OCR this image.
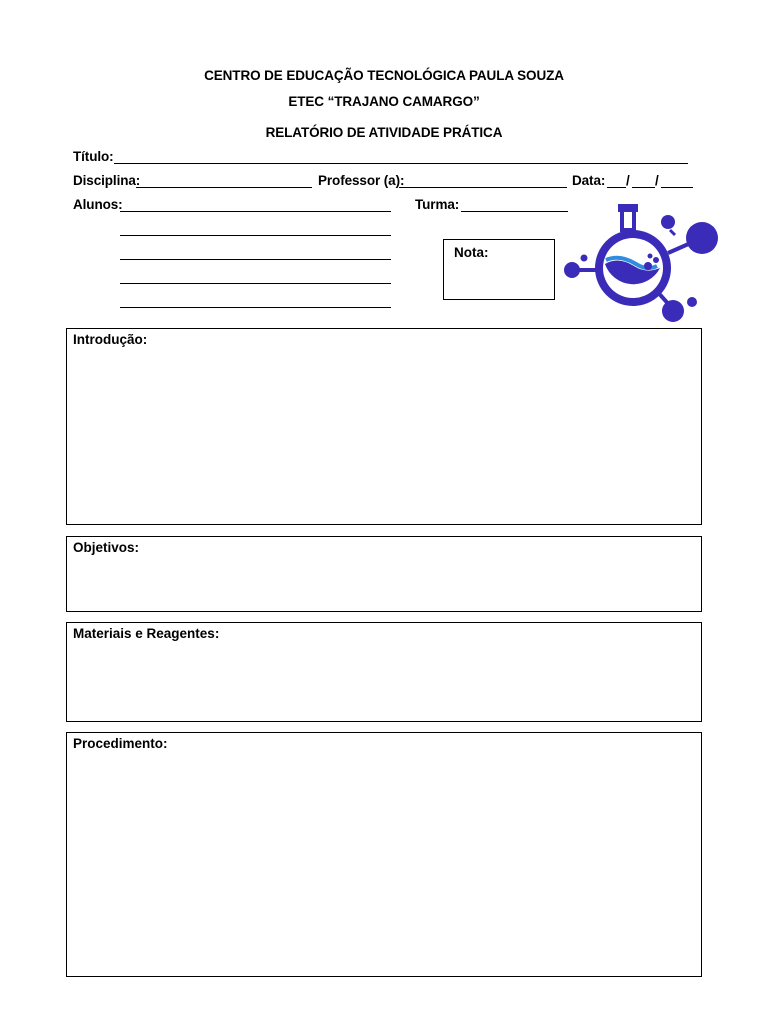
CENTRO DE EDUCAÇÃO TECNOLÓGICA PAULA SOUZA
ETEC “TRAJANO CAMARGO”
RELATÓRIO DE ATIVIDADE PRÁTICA
Título:
Disciplina:	Professor (a):	Data: / /
Alunos:	Turma:
Nota:
Introdução:
Objetivos:
Materiais e Reagentes:
Procedimento:
